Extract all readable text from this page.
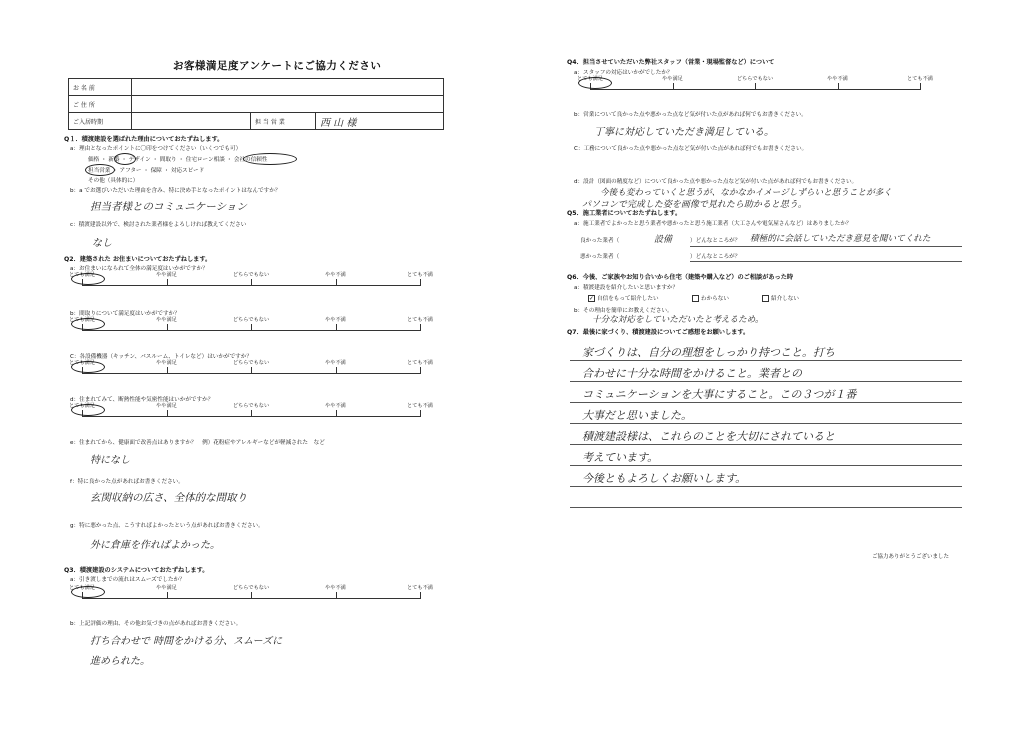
お客様満足度アンケートにご協力ください
お 名 前			
ご 住 所			
ご入居時期		担 当 営 業	西 山 様
Q１．積渡建設を選ばれた理由についておたずねします。
a：理由となったポイントに〇印をつけてください（いくつでも可）
価格 ・ 新築 ・ デザイン ・ 間取り ・ 住宅ローン相談 ・ 会社の信頼性
担当営業 ・ アフター ・ 保障 ・ 対応スピード
その他（具体的に）
b：a でお選びいただいた理由を含み、特に決め手となったポイントはなんですか？
担当者様とのコミュニケーション
c：積渡建設以外で、検討された業者様をよろしければ教えてください
なし
Q2．建築された お住まいについておたずねします。
a：お住まいになられて全体の満足度はいかがですか？
とても満足	やや満足	どちらでもない	やや不満	とても不満
b：間取りについて満足度はいかがですか？
とても満足	やや満足	どちらでもない	やや不満	とても不満
C：各設備機器（キッチン、バスルーム、トイレなど）はいかがですか？
とても満足	やや満足	どちらでもない	やや不満	とても不満
d：住まれてみて、断熱性能や気密性能はいかがですか？
とても満足	やや満足	どちらでもない	やや不満	とても不満
e：住まれてから、健康面で改善点はありますか？　例）花粉症やアレルギーなどが軽減された　など
特になし
f：特に良かった点があればお書きください。
玄関収納の広さ、全体的な間取り
g：特に悪かった点、こうすればよかったという点があればお書きください。
外に倉庫を作ればよかった。
Q3．積渡建設のシステムについておたずねします。
a：引き渡しまでの流れはスムーズでしたか？
とても満足	やや満足	どちらでもない	やや不満	とても不満
b：上記評価の理由、その他お気づきの点があればお書きください。
打ち合わせで 時間をかける分、スムーズに
進められた。
Q4．担当させていただいた弊社スタッフ（営業・現場監督など）について
a：スタッフの対応はいかがでしたか？
とても満足	やや満足	どちらでもない	やや不満	とても不満
b：営業について良かった点や悪かった点など気が付いた点があれば何でもお書きください。
丁寧に対応していただき満足している。
C：工務について良かった点や悪かった点など気が付いた点があれば何でもお書きください。
d：設計（図面の精度など）について良かった点や悪かった点など気が付いた点があれば何でもお書きください。
今後も変わっていくと思うが、なかなかイメージしずらいと思うことが多く
パソコンで完成した姿を画像で見れたら助かると思う。
Q5．施工業者についておたずねします。
a：施工業者でよかったと思う業者や悪かったと思う施工業者（大工さんや電気屋さんなど）はありましたか？
良かった業者（	設備	）どんなところが？ 積極的に会話していただき意見を聞いてくれた
悪かった業者（	）どんなところが？
Q6．今後、ご家族やお知り合いから住宅（建築や購入など）のご相談があった時
a：積渡建設を紹介したいと思いますか？
✓ 自信をもって紹介したい	わからない	紹介しない
b：その理由を簡単にお教えください。
十分な対応をしていただいたと考えるため。
Q7．最後に家づくり、積渡建設についてご感想をお願いします。
ご協力ありがとうございました
家づくりは、自分の理想をしっかり持つこと。打ち
合わせに十分な時間をかけること。業者との
コミュニケーションを大事にすること。この３つが１番
大事だと思いました。
積渡建設様は、これらのことを大切にされていると
考えています。
今後ともよろしくお願いします。
